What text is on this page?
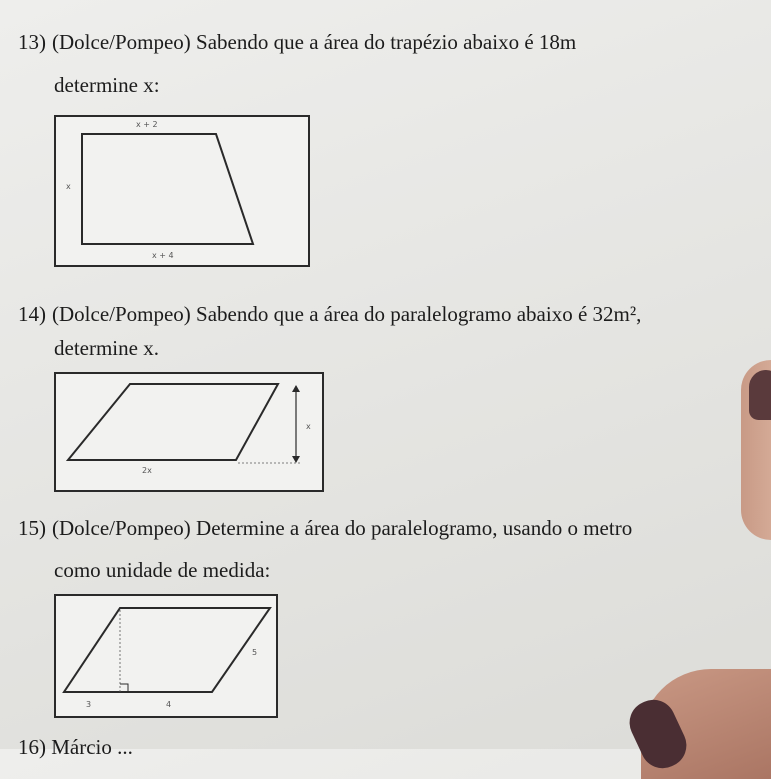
13) (Dolce/Pompeo) Sabendo que a área do trapézio abaixo é 18m
determine x:
x + 2
x
x + 4
14) (Dolce/Pompeo) Sabendo que a área do paralelogramo abaixo é 32m²,
determine x.
x
2x
15) (Dolce/Pompeo) Determine a área do paralelogramo, usando o metro
como unidade de medida:
5
3	4
16) Márcio ...
